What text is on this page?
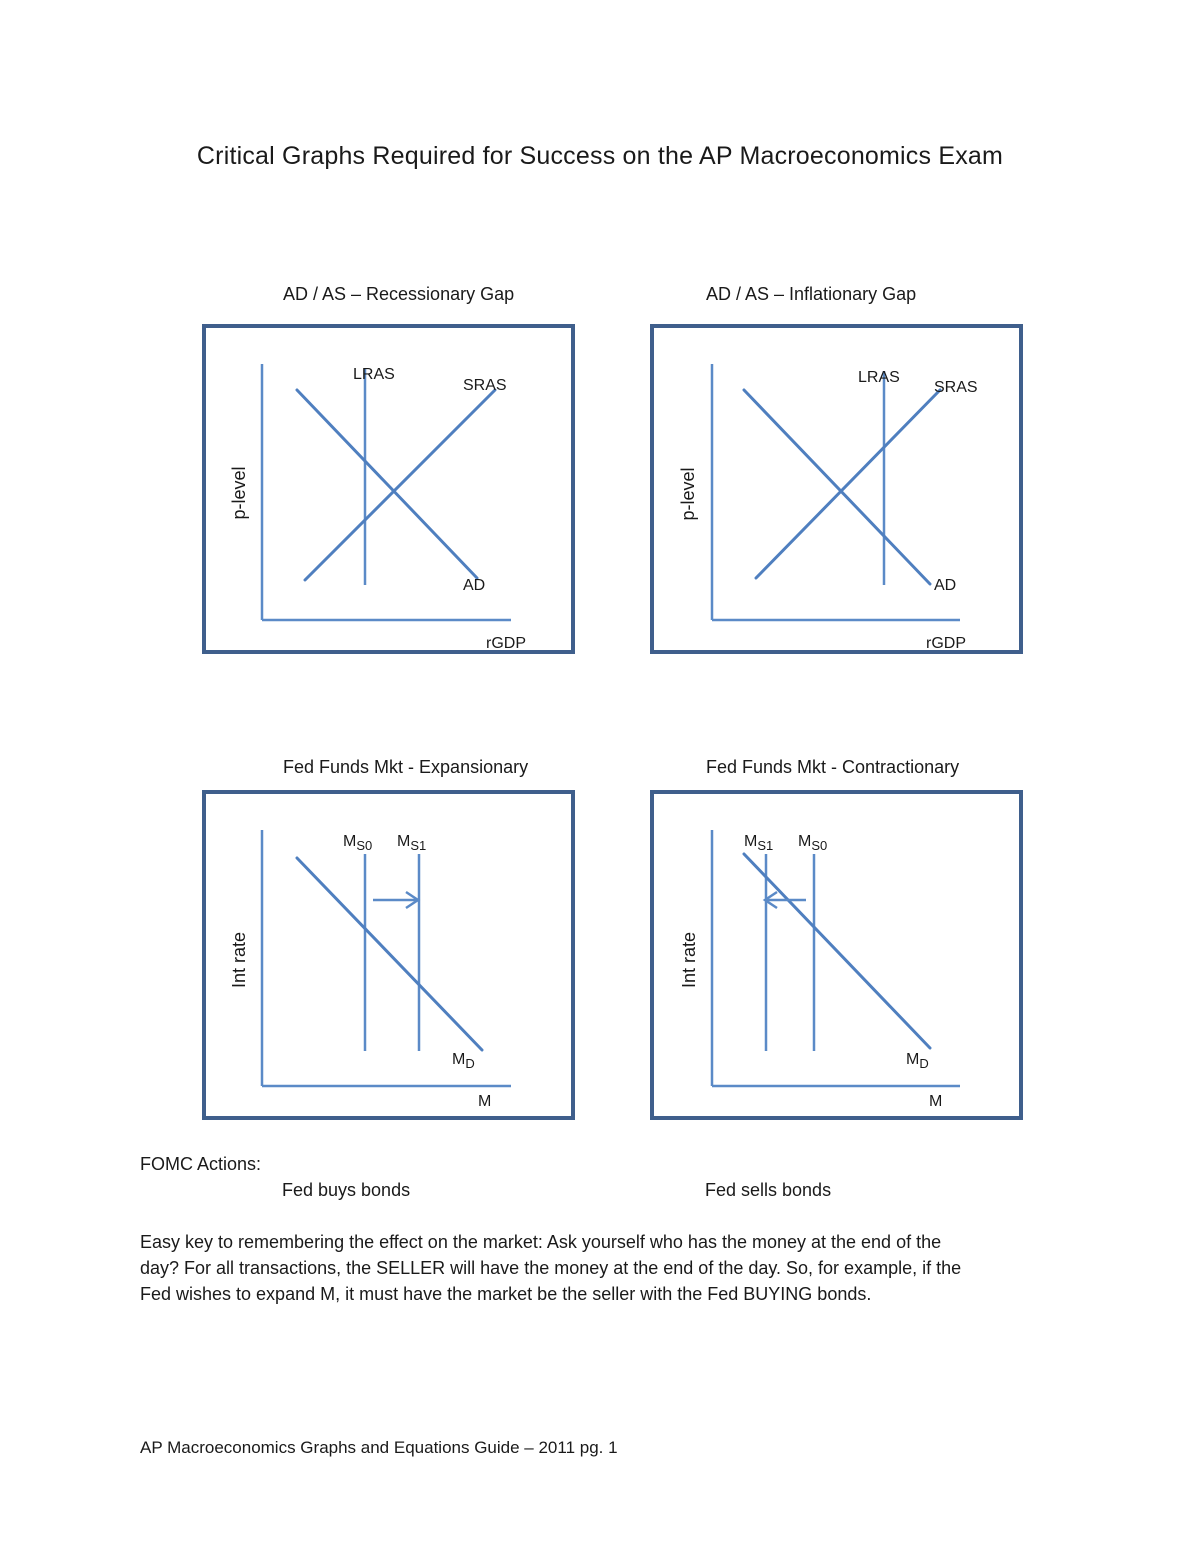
Critical Graphs Required for Success on the AP Macroeconomics Exam
AD / AS – Recessionary Gap	AD / AS – Inflationary Gap
Fed Funds Mkt - Expansionary	Fed Funds Mkt - Contractionary
LRAS
SRAS
AD
rGDP
p-level
LRAS
SRAS
AD
rGDP
p-level
$M_{S0}$ $M_{S1}$
$M_D$
M
Int rate
$M_{S1}$ $M_{S0}$
$M_D$
M
Int rate
FOMC Actions:
Fed buys bonds	Fed sells bonds
Easy key to remembering the effect on the market: Ask yourself who has the money at the end of the
day? For all transactions, the SELLER will have the money at the end of the day. So, for example, if the
Fed wishes to expand M, it must have the market be the seller with the Fed BUYING bonds.
AP Macroeconomics Graphs and Equations Guide – 2011 pg. 1
